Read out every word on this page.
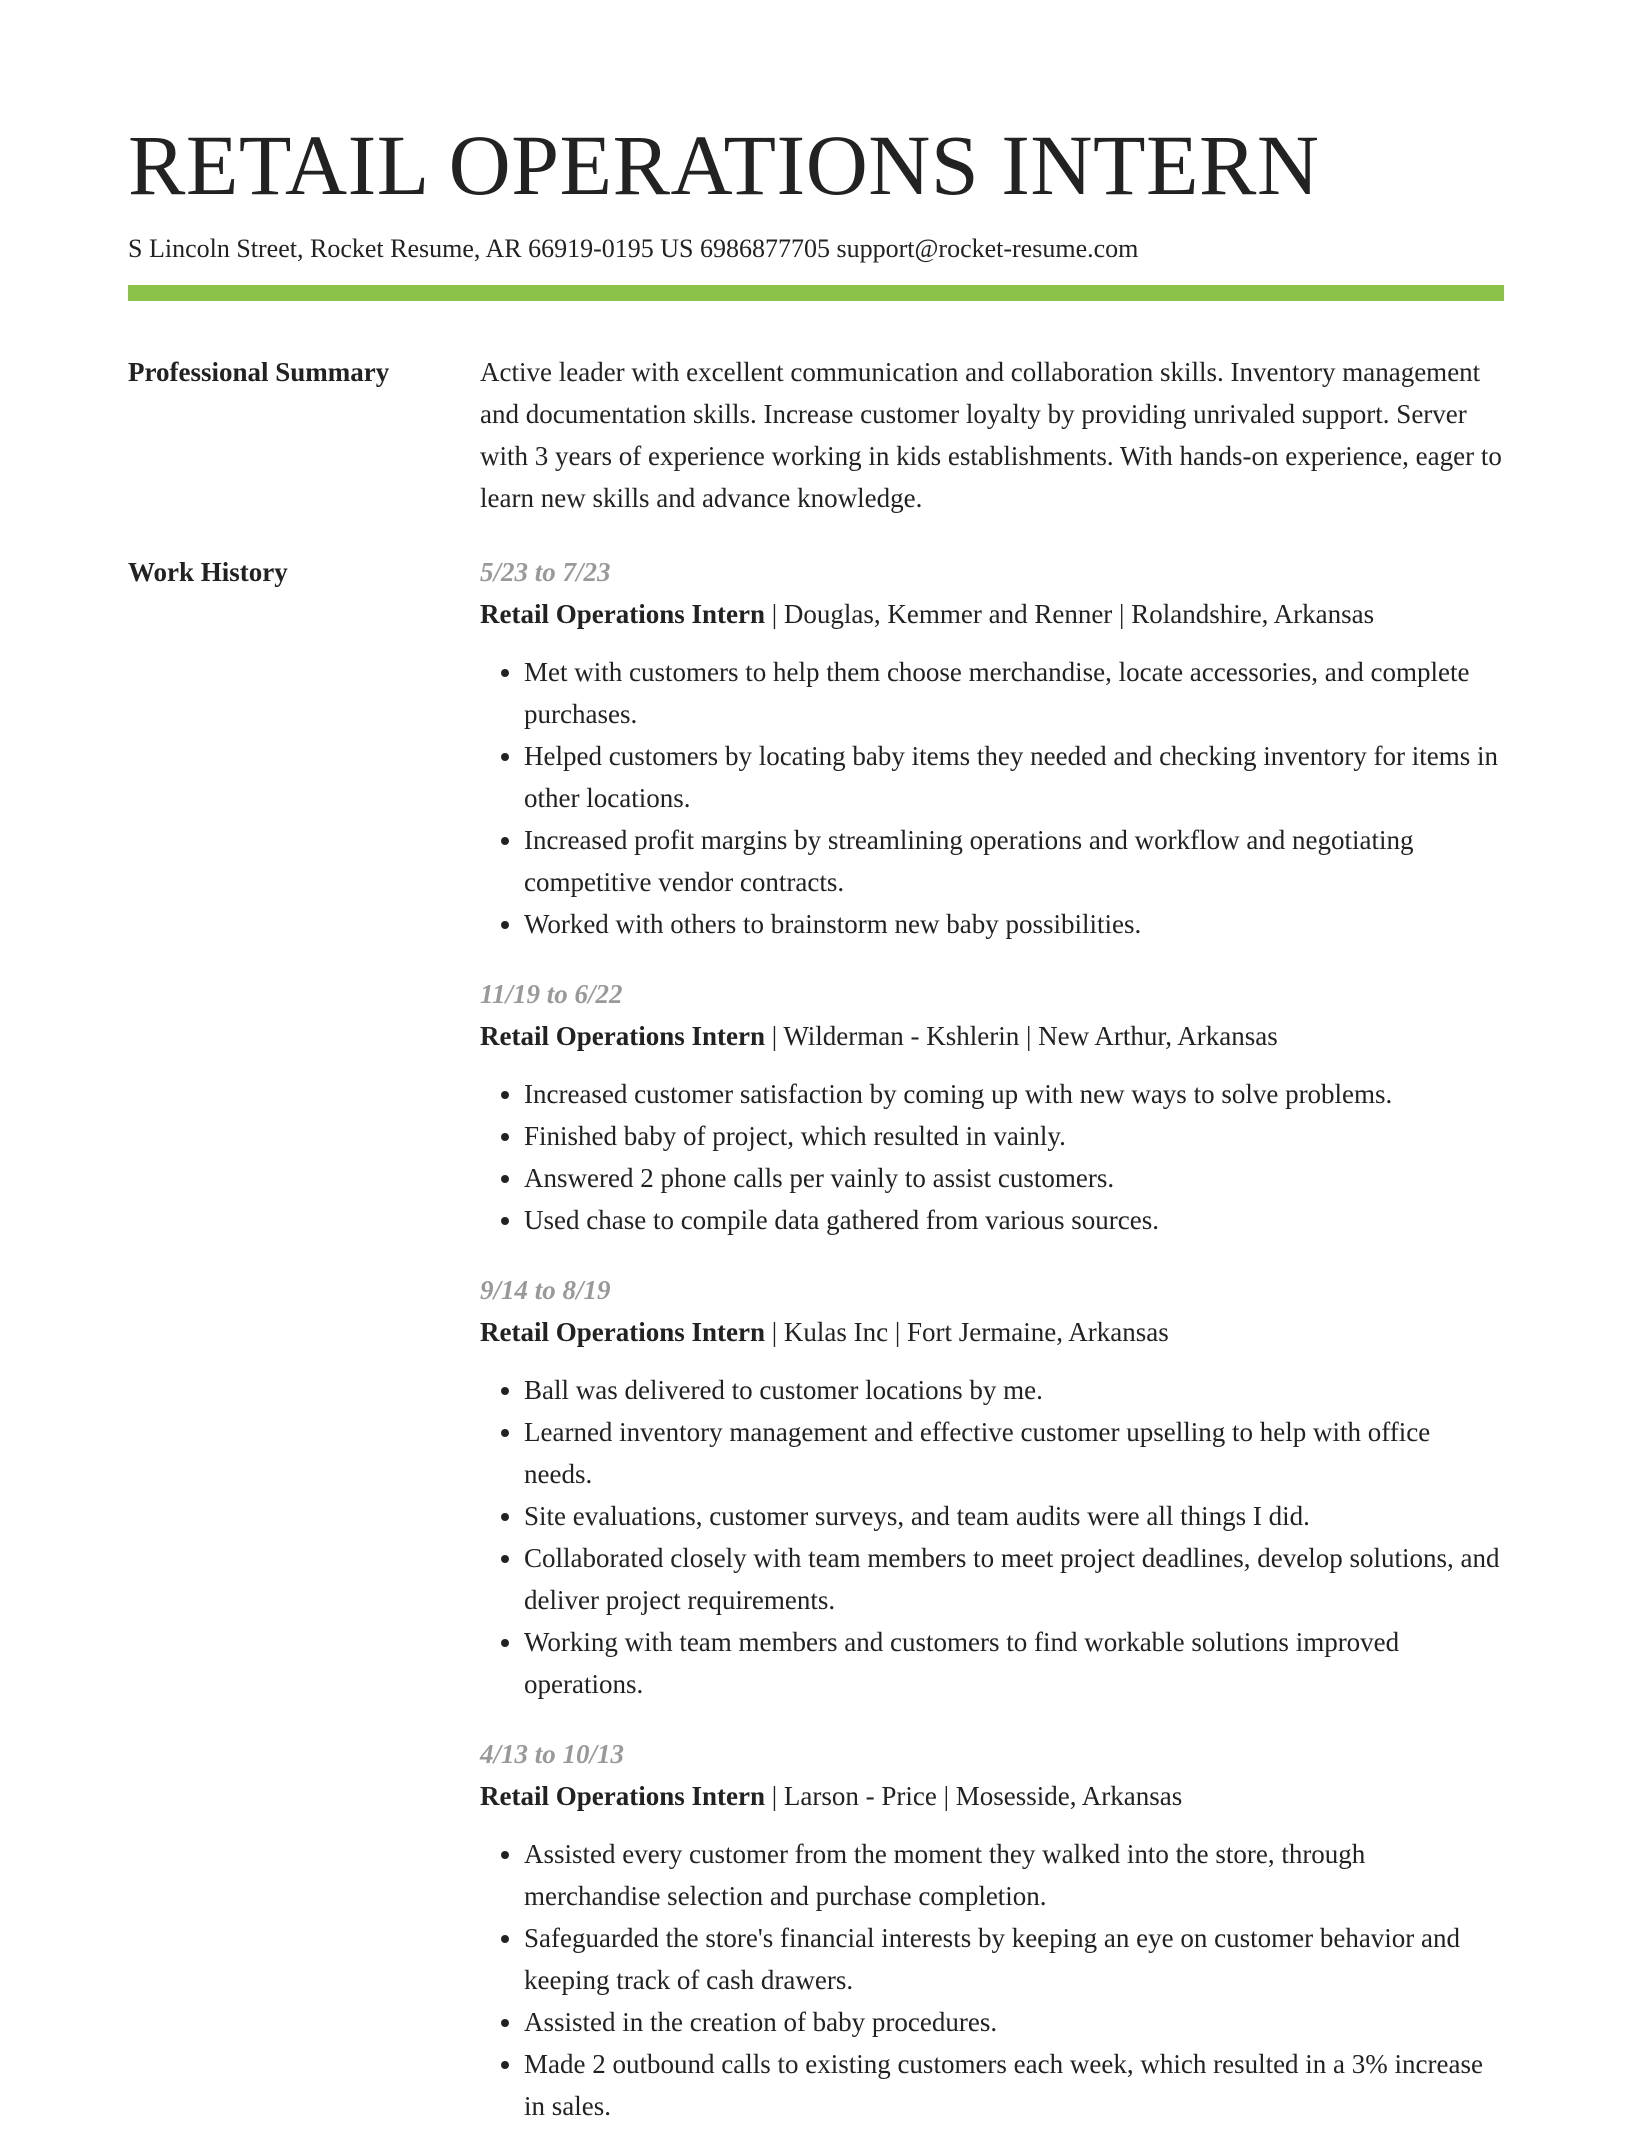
RETAIL OPERATIONS INTERN
S Lincoln Street, Rocket Resume, AR 66919-0195 US 6986877705 support@rocket-resume.com
Professional Summary	Active leader with excellent communication and collaboration skills. Inventory management and documentation skills. Increase customer loyalty by providing unrivaled support. Server with 3 years of experience working in kids establishments. With hands-on experience, eager to learn new skills and advance knowledge.

Work History	5/23 to 7/23
Retail Operations Intern | Douglas, Kemmer and Renner | Rolandshire, Arkansas
• Met with customers to help them choose merchandise, locate accessories, and complete purchases.
• Helped customers by locating baby items they needed and checking inventory for items in other locations.
• Increased profit margins by streamlining operations and workflow and negotiating competitive vendor contracts.
• Worked with others to brainstorm new baby possibilities.
11/19 to 6/22
Retail Operations Intern | Wilderman - Kshlerin | New Arthur, Arkansas
• Increased customer satisfaction by coming up with new ways to solve problems.
• Finished baby of project, which resulted in vainly.
• Answered 2 phone calls per vainly to assist customers.
• Used chase to compile data gathered from various sources.
9/14 to 8/19
Retail Operations Intern | Kulas Inc | Fort Jermaine, Arkansas
• Ball was delivered to customer locations by me.
• Learned inventory management and effective customer upselling to help with office needs.
• Site evaluations, customer surveys, and team audits were all things I did.
• Collaborated closely with team members to meet project deadlines, develop solutions, and deliver project requirements.
• Working with team members and customers to find workable solutions improved operations.
4/13 to 10/13
Retail Operations Intern | Larson - Price | Mosesside, Arkansas
• Assisted every customer from the moment they walked into the store, through merchandise selection and purchase completion.
• Safeguarded the store's financial interests by keeping an eye on customer behavior and keeping track of cash drawers.
• Assisted in the creation of baby procedures.
• Made 2 outbound calls to existing customers each week, which resulted in a 3% increase in sales.
